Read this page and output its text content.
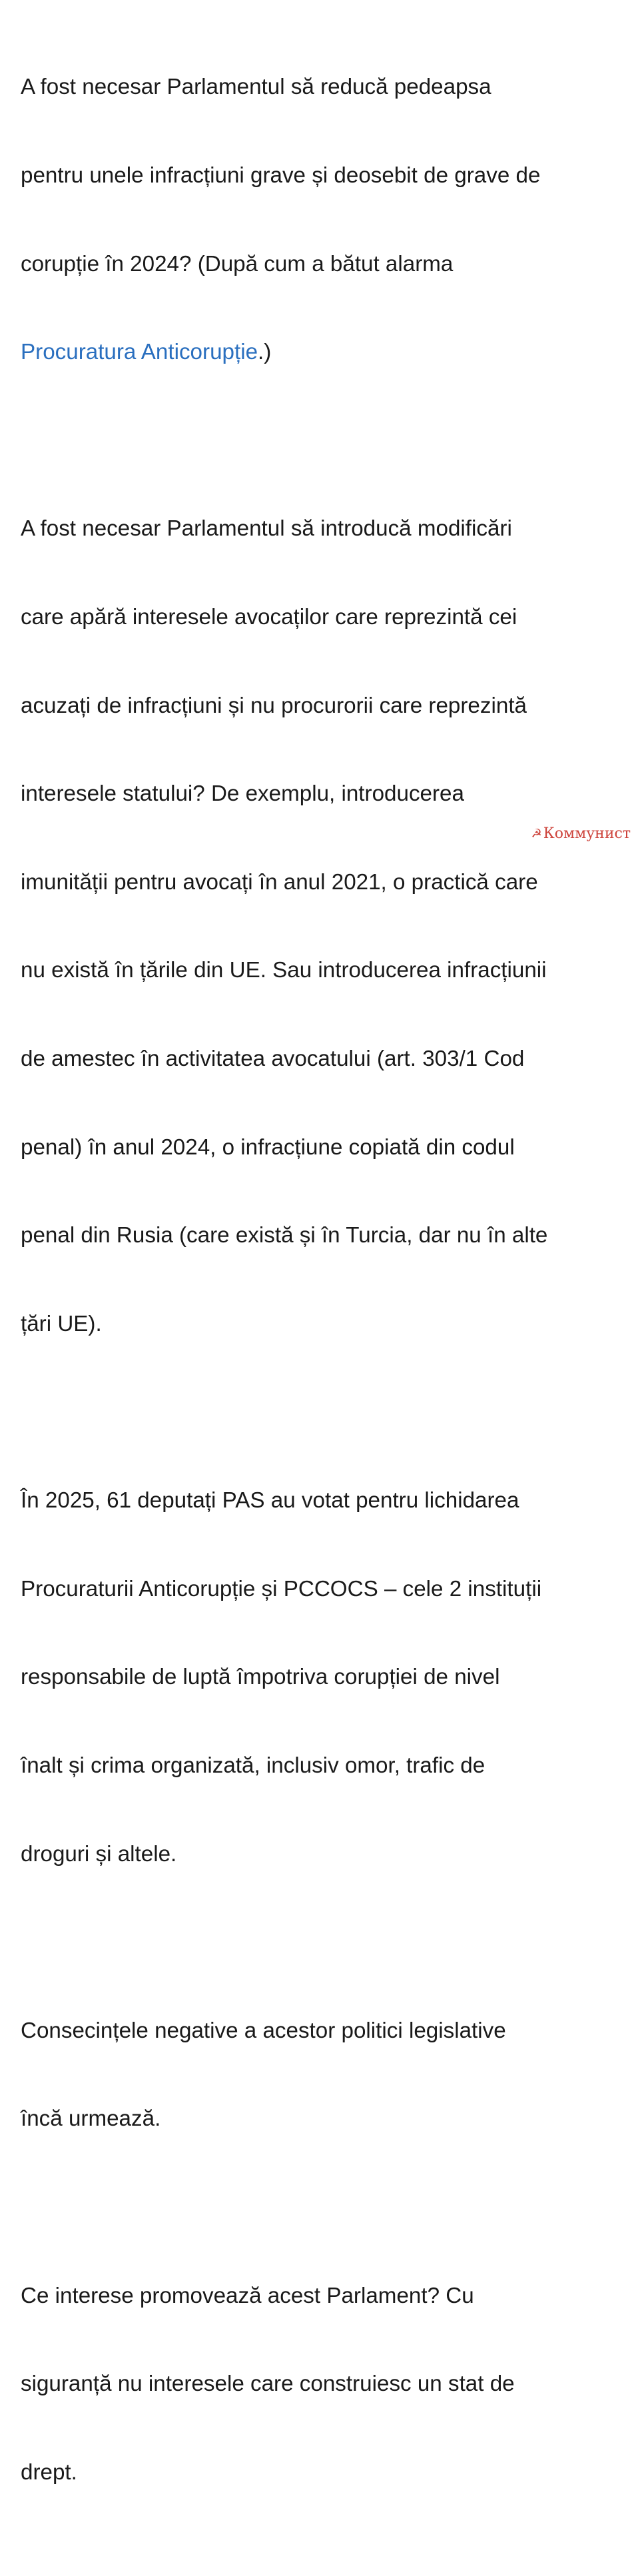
A fost necesar Parlamentul să reducă pedeapsa

pentru unele infracțiuni grave și deosebit de grave de

corupție în 2024? (După cum a bătut alarma

Procuratura Anticorupție.)

A fost necesar Parlamentul să introducă modificări

care apără interesele avocaților care reprezintă cei

acuzați de infracțiuni și nu procurorii care reprezintă

interesele statului? De exemplu, introducerea

imunității pentru avocați în anul 2021, o practică care

nu există în țările din UE. Sau introducerea infracțiunii

de amestec în activitatea avocatului (art. 303/1 Cod

penal) în anul 2024, o infracțiune copiată din codul

penal din Rusia (care există și în Turcia, dar nu în alte

țări UE).

În 2025, 61 deputați PAS au votat pentru lichidarea

Procuraturii Anticorupție și PCCOCS – cele 2 instituții

responsabile de luptă împotriva corupției de nivel

înalt și crima organizată, inclusiv omor, trafic de

droguri și altele.

Consecințele negative a acestor politici legislative

încă urmează.

Ce interese promovează acest Parlament? Cu

siguranță nu interesele care construiesc un stat de

drept.

☭ Коммунист
